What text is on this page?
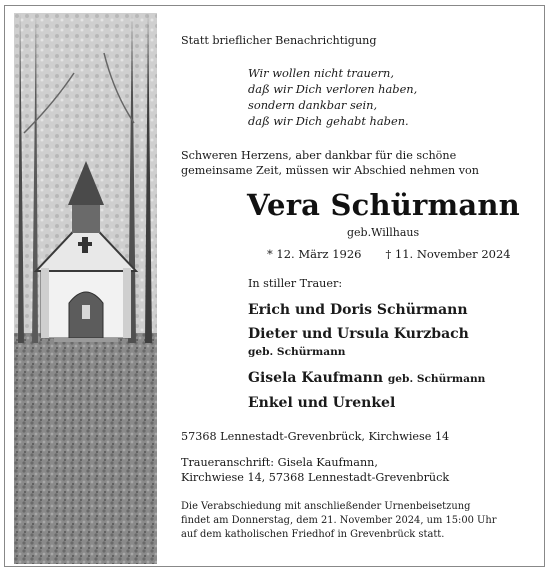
Statt brieflicher Benachrichtigung
Wir wollen nicht trauern,
daß wir Dich verloren haben,
sondern dankbar sein,
daß wir Dich gehabt haben.
Schweren Herzens, aber dankbar für die schöne
gemeinsame Zeit, müssen wir Abschied nehmen von
Vera Schürmann
geb.Willhaus
* 12. März 1926 † 11. November 2024
In stiller Trauer:
Erich und Doris Schürmann
Dieter und Ursula Kurzbach
geb. Schürmann
Gisela Kaufmann geb. Schürmann
Enkel und Urenkel
57368 Lennestadt-Grevenbrück, Kirchwiese 14
Traueranschrift: Gisela Kaufmann,
Kirchwiese 14, 57368 Lennestadt-Grevenbrück
Die Verabschiedung mit anschließender Urnenbeisetzung
findet am Donnerstag, dem 21. November 2024, um 15:00 Uhr
auf dem katholischen Friedhof in Grevenbrück statt.
